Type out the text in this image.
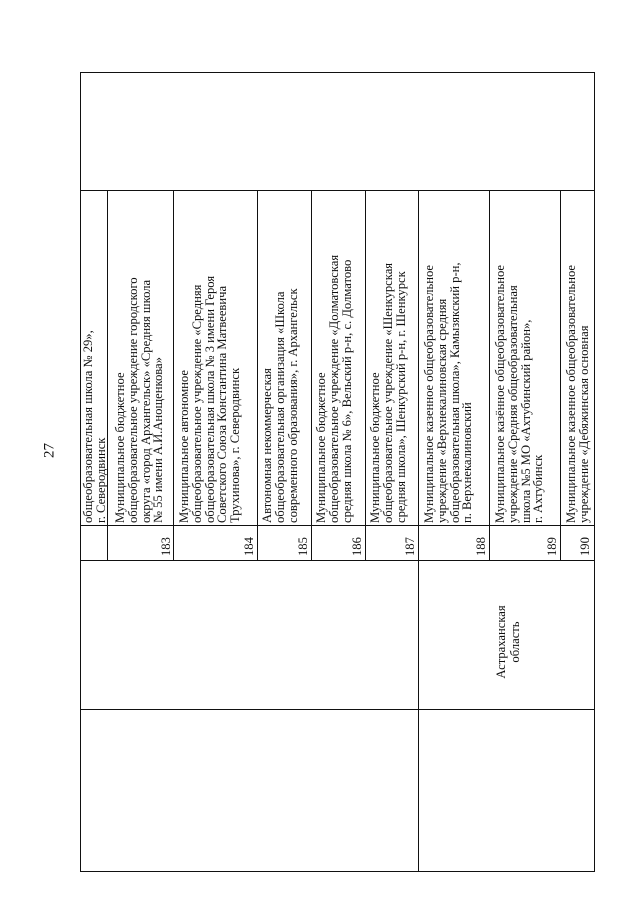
27 общеобразовательная школа № 29»,
г. Северодвинск Муниципальное бюджетное
общеобразовательное учреждение городского
округа «город Архангельск» «Средняя школа
№ 55 имени А.И.Анощенкова»
183
Муниципальное автономное
общеобразовательное учреждение «Средняя
общеобразовательная школа № 3 имени Героя
Советского Союза Константина Матвеевича
Трухинова», г. Северодвинск
184
Автономная некоммерческая
общеобразовательная организация «Школа
современного образования», г. Архангельск
185
Муниципальное бюджетное
общеобразовательное учреждение «Долматовская
средняя школа № 6», Вельский р-н, с. Долматово
186
Муниципальное бюджетное
общеобразовательное учреждение «Шенкурская
средняя школа», Шенкурский р-н, г. Шенкурск
187
Муниципальное казенное общеобразовательное
учреждение «Верхнекалиновская средняя
общеобразовательная школа», Камызякский р-н,
п. Верхнекалиновский
188
Муниципальное казённое общеобразовательное
учреждение «Средняя общеобразовательная
школа №5 МО «Ахтубинский район»,
г. Ахтубинск
189
Муниципальное казенное общеобразовательное
учреждение «Дебяжинская основная
190
Астраханская область
